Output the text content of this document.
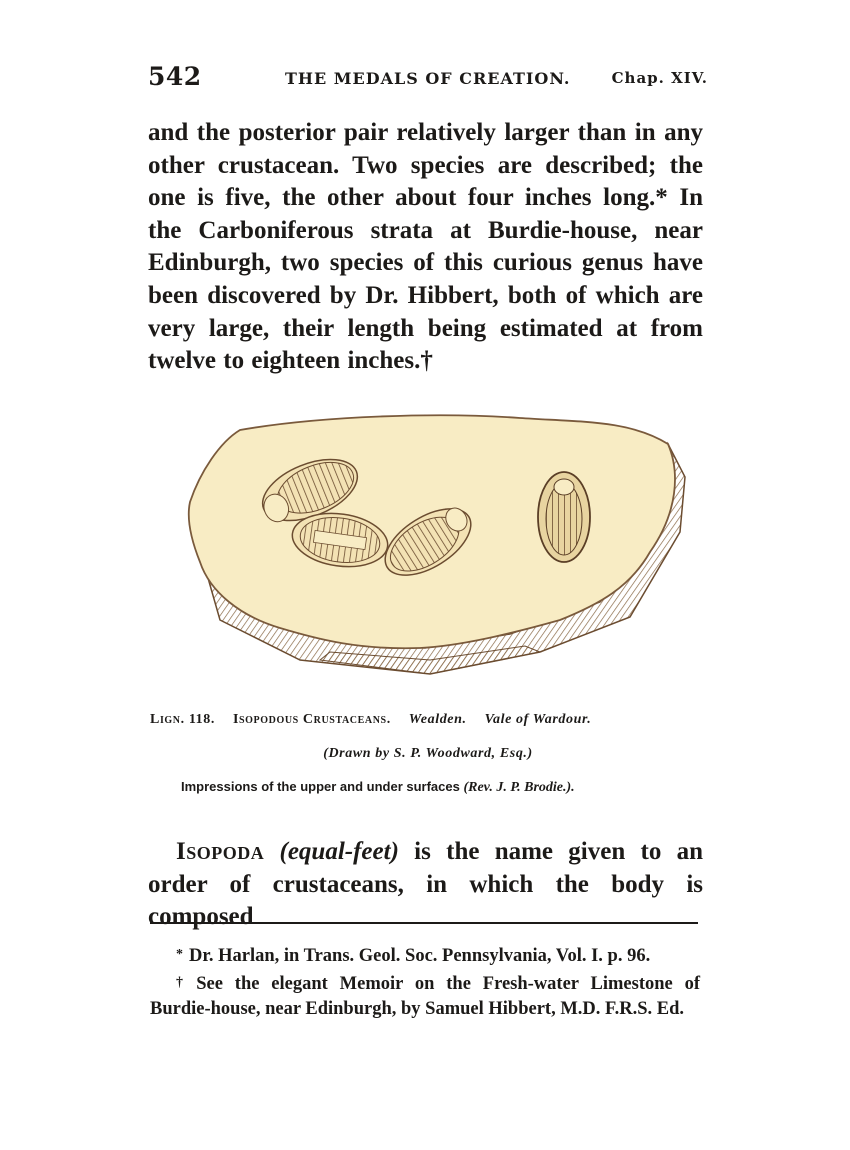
542	THE MEDALS OF CREATION.	Chap. XIV.
and the posterior pair relatively larger than in any other crustacean. Two species are described; the one is five, the other about four inches long.* In the Carboniferous strata at Burdie-house, near Edinburgh, two species of this curious genus have been discovered by Dr. Hibbert, both of which are very large, their length being estimated at from twelve to eighteen inches.†
Lign. 118. Isopodous Crustaceans. Wealden. Vale of Wardour.
(Drawn by S. P. Woodward, Esq.)
Impressions of the upper and under surfaces (Rev. J. P. Brodie.).
Isopoda (equal-feet) is the name given to an order of crustaceans, in which the body is composed

* Dr. Harlan, in Trans. Geol. Soc. Pennsylvania, Vol. I. p. 96.

† See the elegant Memoir on the Fresh-water Limestone of Burdie-house, near Edinburgh, by Samuel Hibbert, M.D. F.R.S. Ed.
